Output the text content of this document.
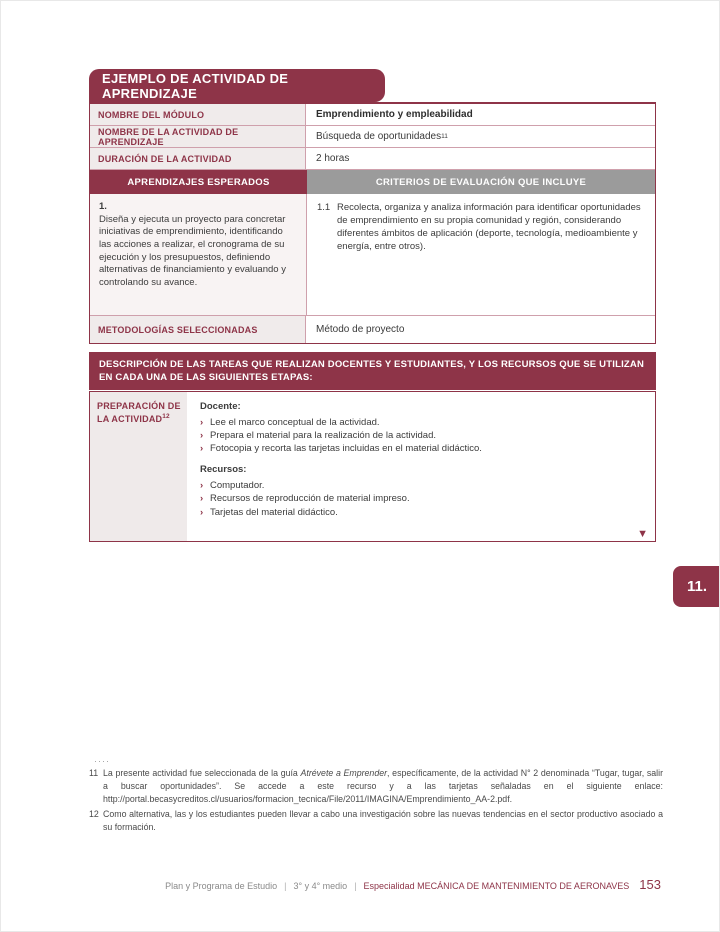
EJEMPLO DE ACTIVIDAD DE APRENDIZAJE
NOMBRE DEL MÓDULO	Emprendimiento y empleabilidad
NOMBRE DE LA ACTIVIDAD DE APRENDIZAJE	Búsqueda de oportunidades 11
DURACIÓN DE LA ACTIVIDAD	2 horas
APRENDIZAJES ESPERADOS	CRITERIOS DE EVALUACIÓN QUE INCLUYE
1.
Diseña y ejecuta un proyecto para concretar iniciativas de emprendimiento, identificando las acciones a realizar, el cronograma de su ejecución y los presupuestos, definiendo alternativas de financiamiento y evaluando y controlando su avance.
1.1 Recolecta, organiza y analiza información para identificar oportunidades de emprendimiento en su propia comunidad y región, considerando diferentes ámbitos de aplicación (deporte, tecnología, medioambiente y energía, entre otros).
METODOLOGÍAS SELECCIONADAS	Método de proyecto
DESCRIPCIÓN DE LAS TAREAS QUE REALIZAN DOCENTES Y ESTUDIANTES, Y LOS RECURSOS QUE SE UTILIZAN EN CADA UNA DE LAS SIGUIENTES ETAPAS:
PREPARACIÓN DE LA ACTIVIDAD$^{12}$
Docente:
› Lee el marco conceptual de la actividad.
› Prepara el material para la realización de la actividad.
› Fotocopia y recorta las tarjetas incluidas en el material didáctico.
Recursos:
› Computador.
› Recursos de reproducción de material impreso.
› Tarjetas del material didáctico.
▼
11.
····
11 La presente actividad fue seleccionada de la guía Atrévete a Emprender, específicamente, de la actividad N° 2 denominada “Tugar, tugar, salir a buscar oportunidades”. Se accede a este recurso y a las tarjetas señaladas en el siguiente enlace: http://portal.becasycreditos.cl/usuarios/formacion_tecnica/File/2011/IMAGINA/Emprendimiento_AA-2.pdf.
12 Como alternativa, las y los estudiantes pueden llevar a cabo una investigación sobre las nuevas tendencias en el sector productivo asociado a su formación.
Plan y Programa de Estudio | 3° y 4° medio | Especialidad MECÁNICA DE MANTENIMIENTO DE AERONAVES 153
